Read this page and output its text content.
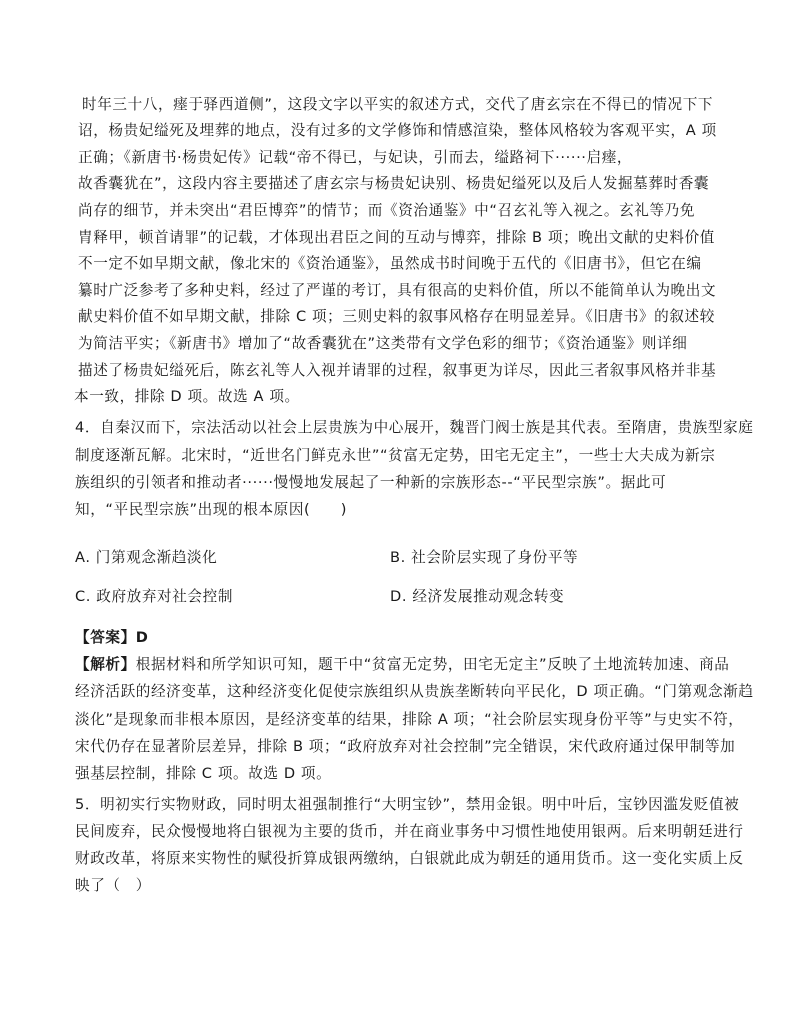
时年三十八，瘗于驿西道侧”，这段文字以平实的叙述方式，交代了唐玄宗在不得已的情况下下
诏，杨贵妃缢死及埋葬的地点，没有过多的文学修饰和情感渲染，整体风格较为客观平实，A 项
正确；《新唐书·杨贵妃传》记载“帝不得已，与妃诀，引而去，缢路祠下······启瘗，
故香囊犹在”，这段内容主要描述了唐玄宗与杨贵妃诀别、杨贵妃缢死以及后人发掘墓葬时香囊
尚存的细节，并未突出“君臣博弈”的情节；而《资治通鉴》中“召玄礼等入视之。玄礼等乃免
胄释甲，顿首请罪”的记载，才体现出君臣之间的互动与博弈，排除 B 项；晚出文献的史料价值
不一定不如早期文献，像北宋的《资治通鉴》，虽然成书时间晚于五代的《旧唐书》，但它在编
纂时广泛参考了多种史料，经过了严谨的考订，具有很高的史料价值，所以不能简单认为晚出文
献史料价值不如早期文献，排除 C 项；三则史料的叙事风格存在明显差异。《旧唐书》的叙述较
为简洁平实；《新唐书》增加了“故香囊犹在”这类带有文学色彩的细节；《资治通鉴》则详细
描述了杨贵妃缢死后，陈玄礼等人入视并请罪的过程，叙事更为详尽，因此三者叙事风格并非基
本一致，排除 D 项。故选 A 项。
4．自秦汉而下，宗法活动以社会上层贵族为中心展开，魏晋门阀士族是其代表。至隋唐，贵族型家庭
制度逐渐瓦解。北宋时，“近世名门鲜克永世”“贫富无定势，田宅无定主”，一些士大夫成为新宗
族组织的引领者和推动者······慢慢地发展起了一种新的宗族形态--“平民型宗族”。据此可
知，“平民型宗族”出现的根本原因(　　)
A. 门第观念渐趋淡化	B. 社会阶层实现了身份平等
C. 政府放弃对社会控制	D. 经济发展推动观念转变
【答案】D
【解析】根据材料和所学知识可知，题干中“贫富无定势，田宅无定主”反映了土地流转加速、商品
经济活跃的经济变革，这种经济变化促使宗族组织从贵族垄断转向平民化，D 项正确。“门第观念渐趋
淡化”是现象而非根本原因，是经济变革的结果，排除 A 项；“社会阶层实现身份平等”与史实不符，
宋代仍存在显著阶层差异，排除 B 项；“政府放弃对社会控制”完全错误，宋代政府通过保甲制等加
强基层控制，排除 C 项。故选 D 项。
5．明初实行实物财政，同时明太祖强制推行“大明宝钞”，禁用金银。明中叶后，宝钞因滥发贬值被
民间废弃，民众慢慢地将白银视为主要的货币，并在商业事务中习惯性地使用银两。后来明朝廷进行
财政改革，将原来实物性的赋役折算成银两缴纳，白银就此成为朝廷的通用货币。这一变化实质上反
映了（　）
